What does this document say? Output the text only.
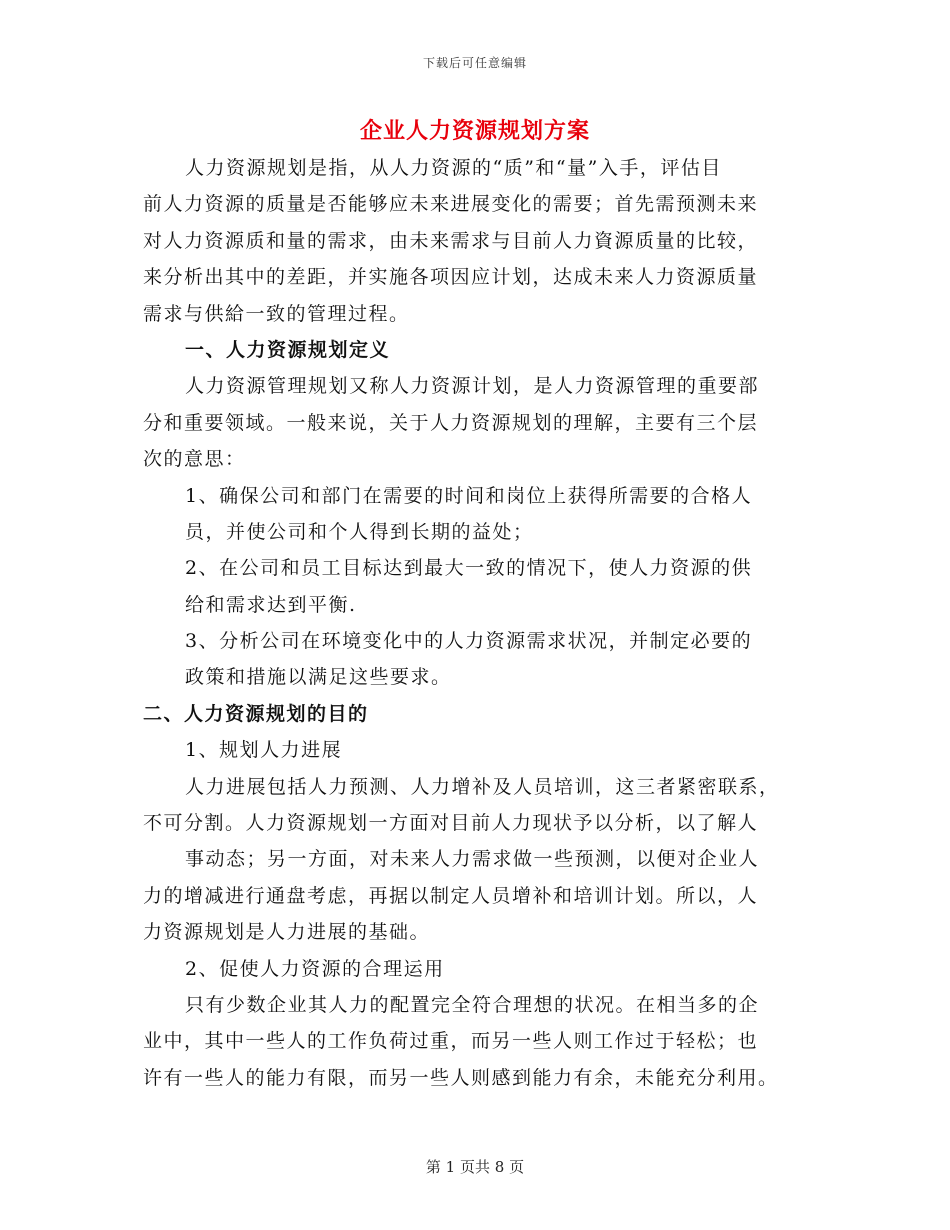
下载后可任意编辑
企业人力资源规划方案
人力资源规划是指，从人力资源的“质”和“量”入手，评估目
前人力资源的质量是否能够应未来进展变化的需要；首先需预测未来
对人力资源质和量的需求，由未来需求与目前人力資源质量的比较，
来分析出其中的差距，并实施各项因应计划，达成未来人力资源质量
需求与供給一致的管理过程。
一、人力资源规划定义
人力资源管理规划又称人力资源计划，是人力资源管理的重要部
分和重要领域。一般来说，关于人力资源规划的理解，主要有三个层
次的意思：
1、确保公司和部门在需要的时间和岗位上获得所需要的合格人
员，并使公司和个人得到长期的益处；
2、在公司和员工目标达到最大一致的情况下，使人力资源的供
给和需求达到平衡.
3、分析公司在环境变化中的人力资源需求状况，并制定必要的
政策和措施以满足这些要求。
二、人力资源规划的目的
1、规划人力进展
人力进展包括人力预测、人力增补及人员培训，这三者紧密联系，
不可分割。人力资源规划一方面对目前人力现状予以分析，以了解人
事动态；另一方面，对未来人力需求做一些预测，以便对企业人
力的增减进行通盘考虑，再据以制定人员增补和培训计划。所以，人
力资源规划是人力进展的基础。
2、促使人力资源的合理运用
只有少数企业其人力的配置完全符合理想的状况。在相当多的企
业中，其中一些人的工作负荷过重，而另一些人则工作过于轻松；也
许有一些人的能力有限，而另一些人则感到能力有余，未能充分利用。
第 1 页共 8 页
